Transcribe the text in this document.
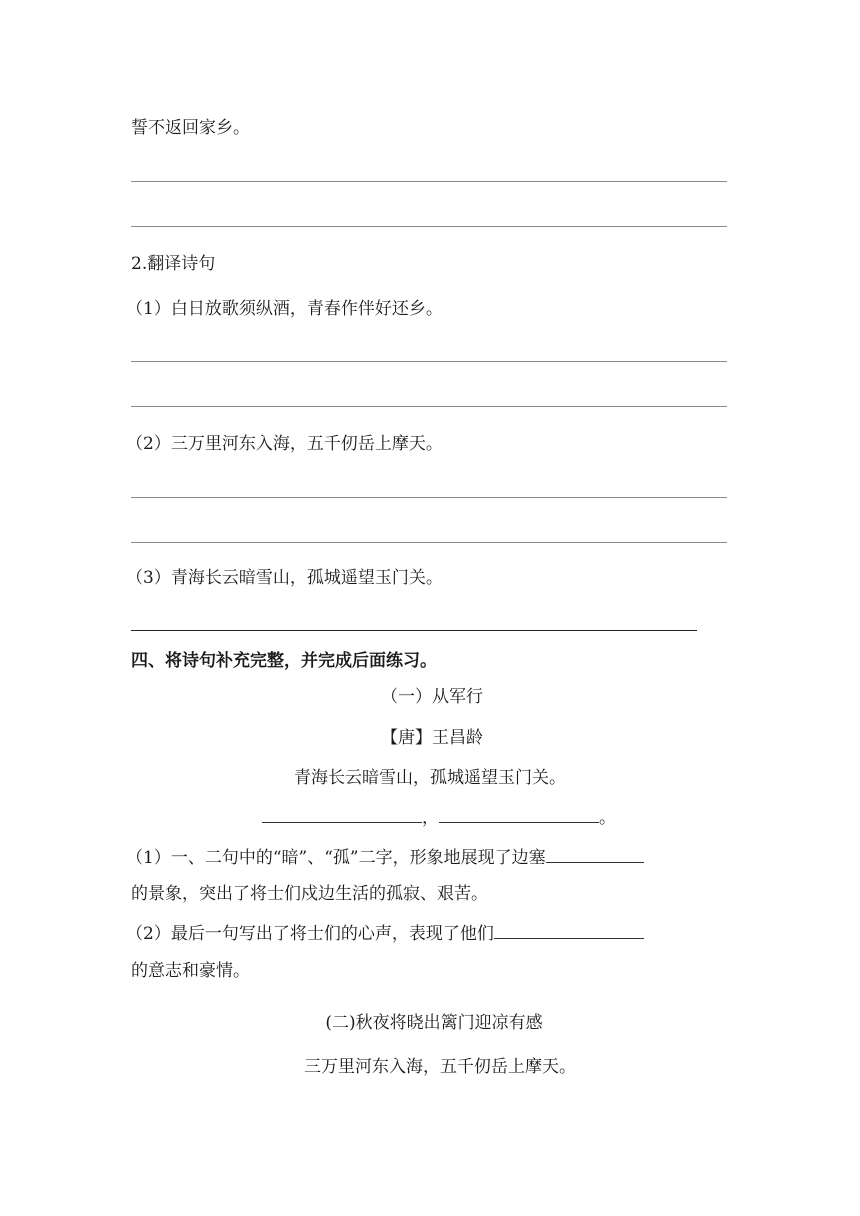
誓不返回家乡。
2.翻译诗句
（1）白日放歌须纵酒，青春作伴好还乡。
（2）三万里河东入海，五千仞岳上摩天。
（3）青海长云暗雪山，孤城遥望玉门关。
四、将诗句补充完整，并完成后面练习。
（一）从军行
【唐】王昌龄
青海长云暗雪山，孤城遥望玉门关。
，	。
（1）一、二句中的“暗”、“孤”二字，形象地展现了边塞
的景象，突出了将士们戍边生活的孤寂、艰苦。
（2）最后一句写出了将士们的心声，表现了他们
的意志和豪情。
(二)秋夜将晓出篱门迎凉有感
三万里河东入海，五千仞岳上摩天。
